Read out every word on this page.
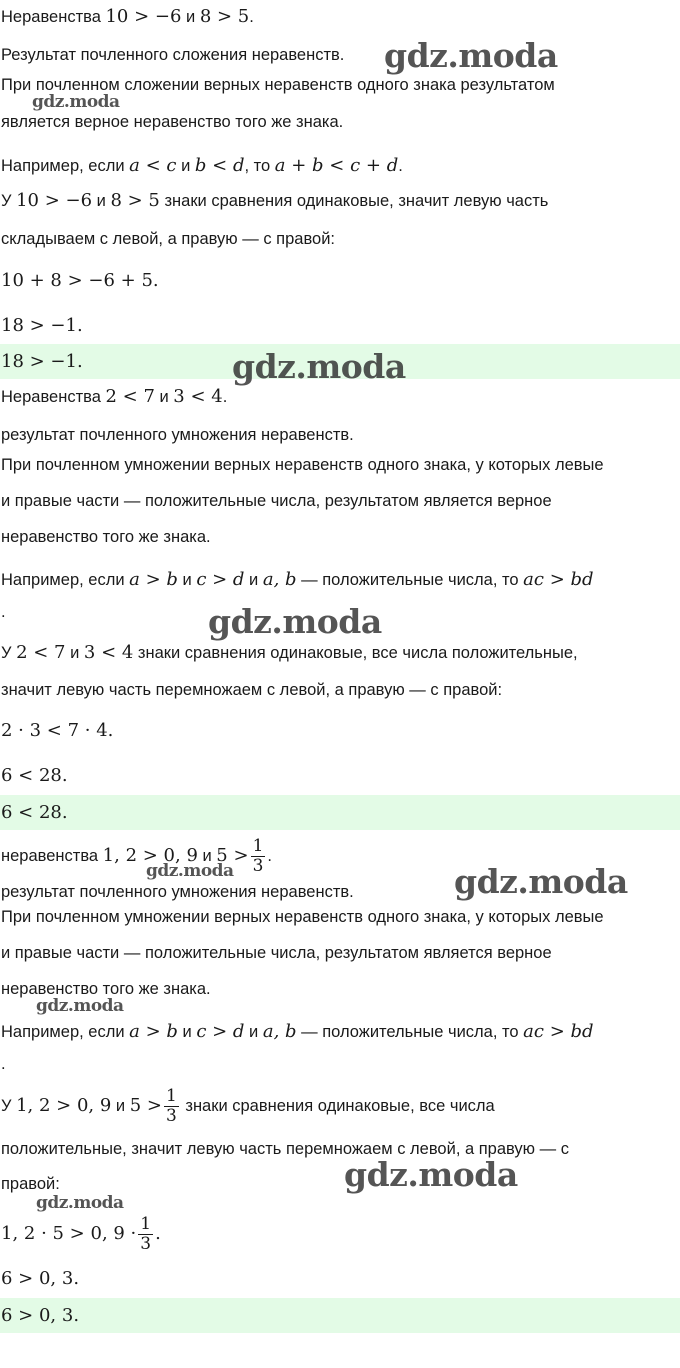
Неравенства 10 > −6 и 8 > 5.
Результат почленного сложения неравенств.
При почленном сложении верных неравенств одного знака результатом
является верное неравенство того же знака.
Например, если a < c и b < d, то a + b < c + d.
У 10 > −6 и 8 > 5 знаки сравнения одинаковые, значит левую часть
складываем с левой, а правую — с правой:
10 + 8 > −6 + 5.
18 > −1.
18 > −1.
Неравенства 2 < 7 и 3 < 4.
результат почленного умножения неравенств.
При почленном умножении верных неравенств одного знака, у которых левые
и правые части — положительные числа, результатом является верное
неравенство того же знака.
Например, если a > b и c > d и a, b — положительные числа, то ac > bd
.
У 2 < 7 и 3 < 4 знаки сравнения одинаковые, все числа положительные,
значит левую часть перемножаем с левой, а правую — с правой:
2 · 3 < 7 · 4.
6 < 28.
6 < 28.
неравенства 1, 2 > 0, 9 и $5 > \frac{1}{3}$ .
результат почленного умножения неравенств.
При почленном умножении верных неравенств одного знака, у которых левые
и правые части — положительные числа, результатом является верное
неравенство того же знака.
Например, если a > b и c > d и a, b — положительные числа, то ac > bd
.
У 1, 2 > 0, 9 и $5 > \frac{1}{3}$ знаки сравнения одинаковые, все числа
положительные, значит левую часть перемножаем с левой, а правую — с
правой:
1, 2 · 5 > 0, $9 \cdot \frac{1}{3}$ .
6 > 0, 3.
6 > 0, 3.
gdz.moda
gdz.moda
gdz.moda
gdz.moda
gdz.moda	gdz.moda
gdz.moda
gdz.moda
gdz.moda
